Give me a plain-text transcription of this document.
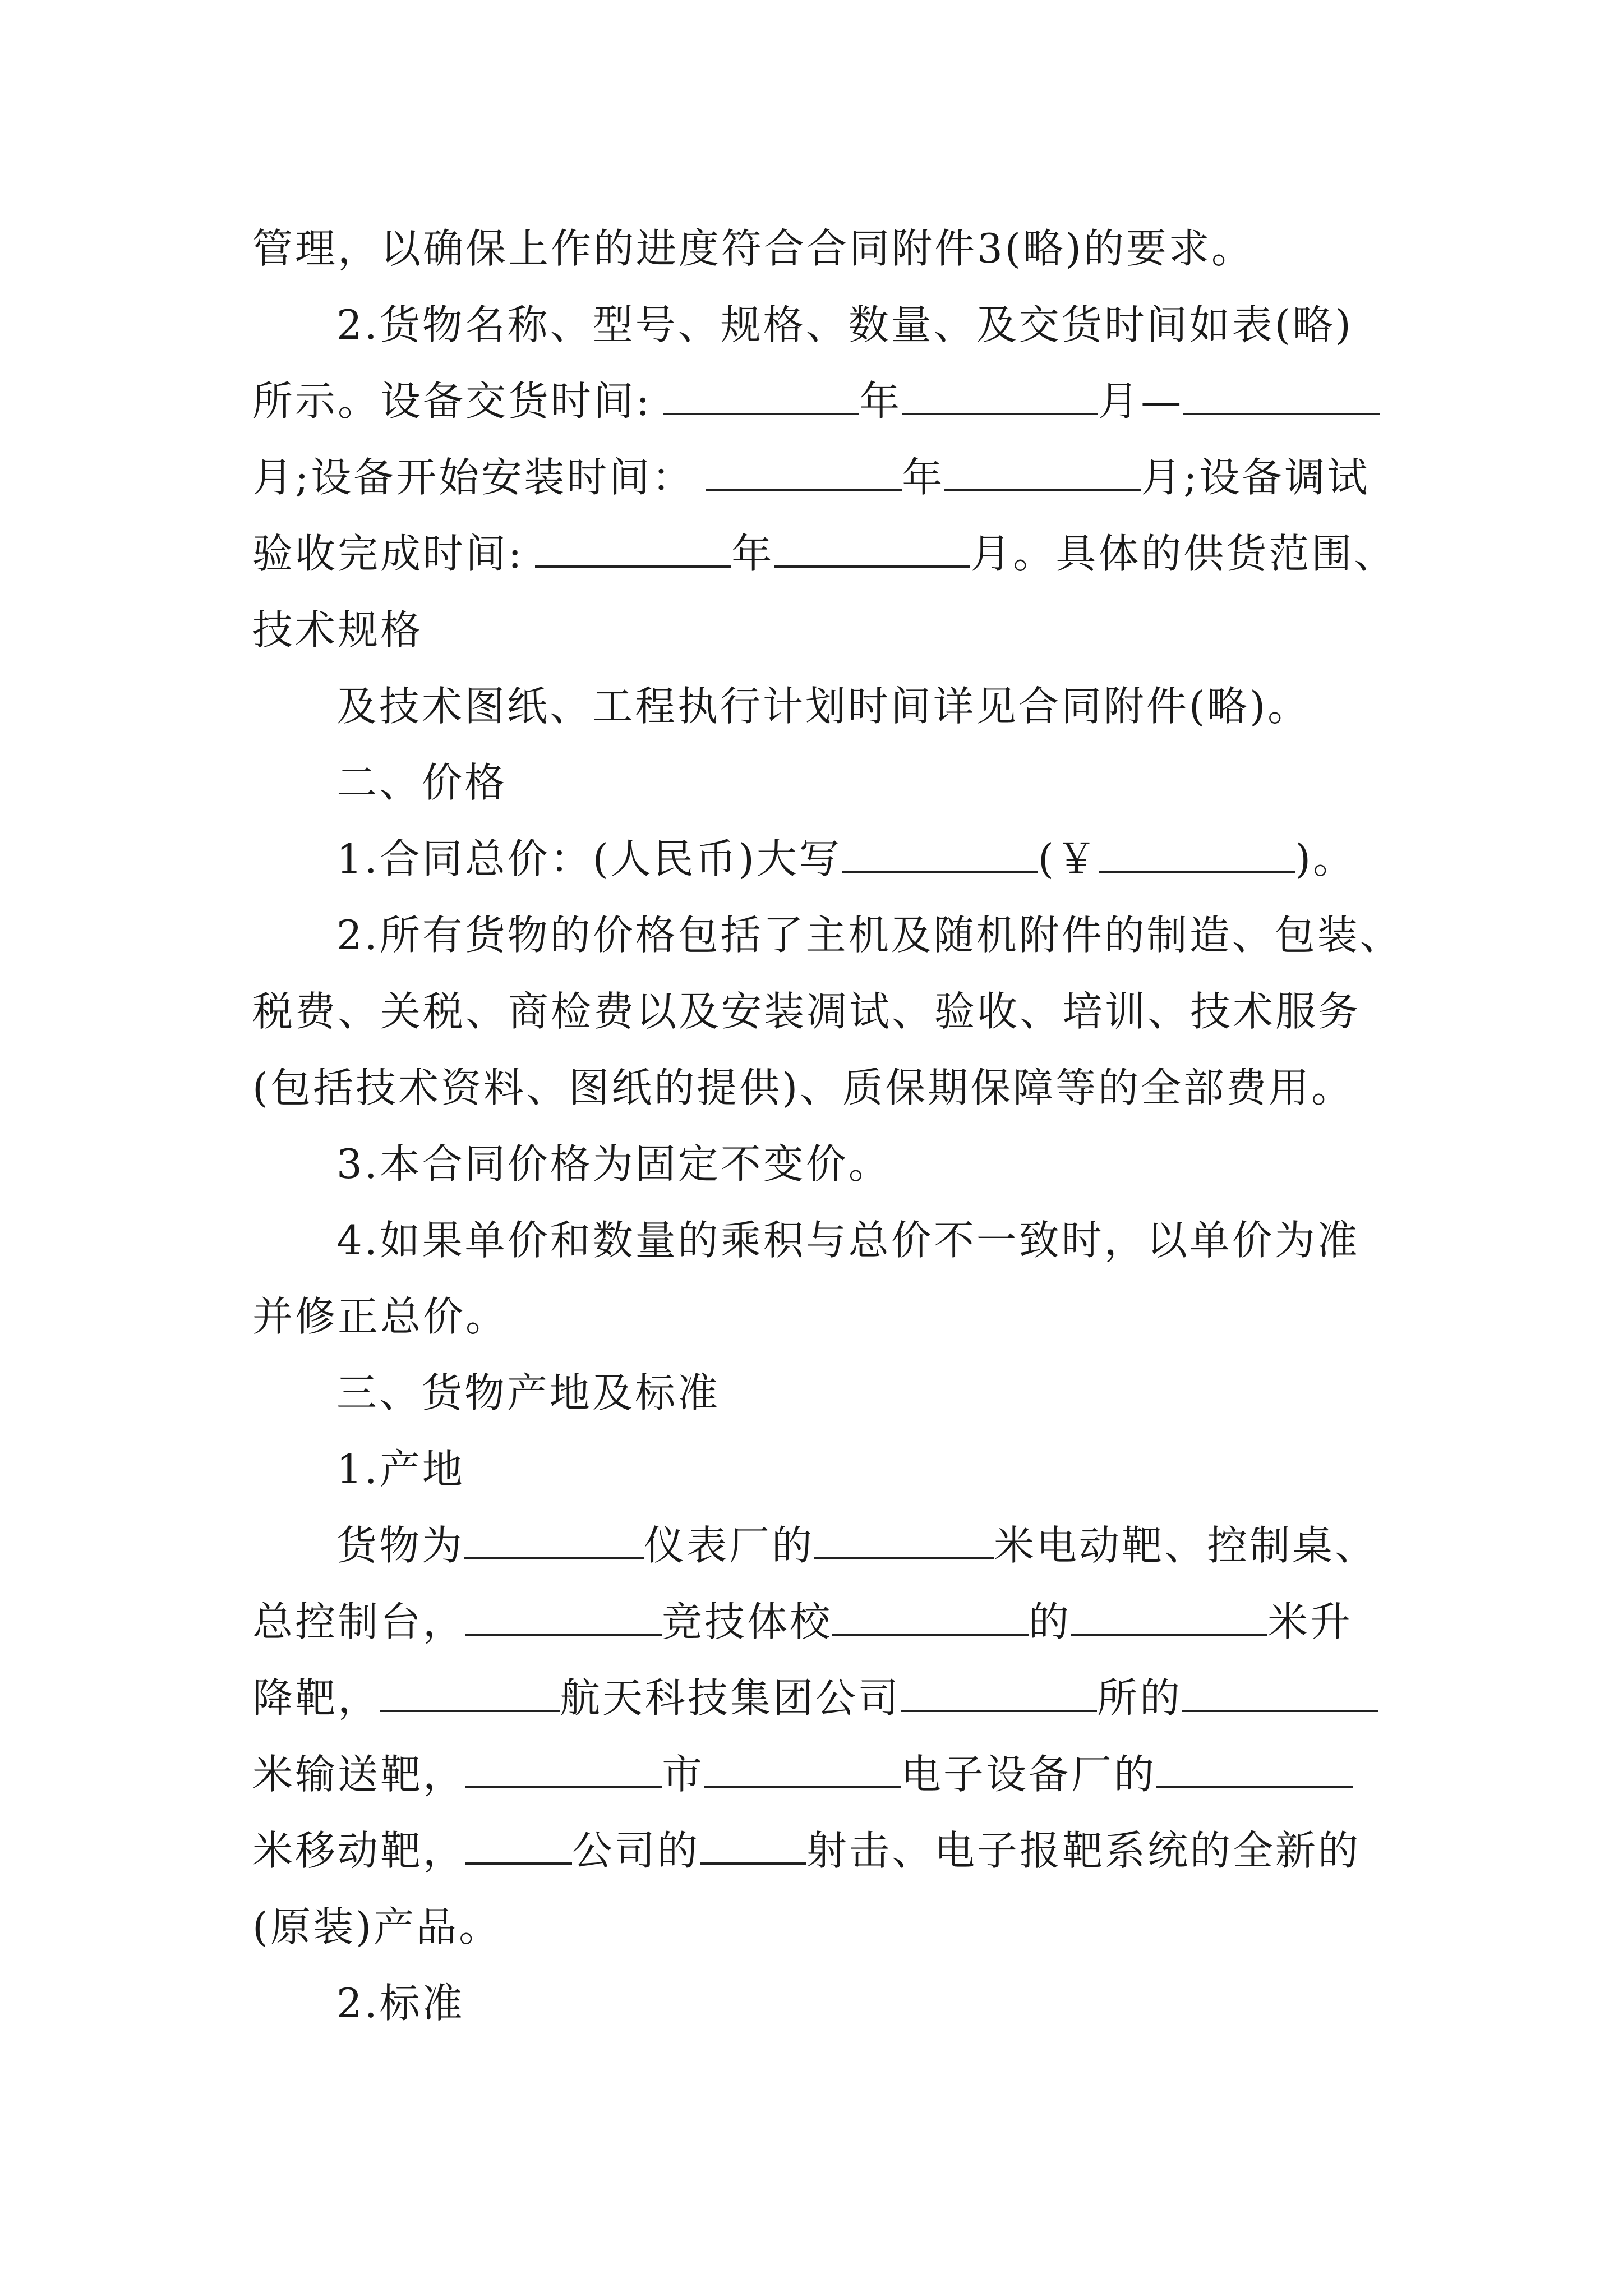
管理，以确保上作的进度符合合同附件3(略)的要求。
2.货物名称、型号、规格、数量、及交货时间如表(略)
所示。设备交货时间:	年	月—
月;设备开始安装时间：	年	月;设备调试
验收完成时间:	年	月。具体的供货范围、
技术规格
及技术图纸、工程执行计划时间详见合同附件(略)。
二、价格
1.合同总价：(人民币)大写	(￥	)。
2.所有货物的价格包括了主机及随机附件的制造、包装、
税费、关税、商检费以及安装凋试、验收、培训、技术服务
(包括技术资料、图纸的提供)、质保期保障等的全部费用。
3.本合同价格为固定不变价。
4.如果单价和数量的乘积与总价不一致时，以单价为准
并修正总价。
三、货物产地及标准
1.产地
货物为	仪表厂的	米电动靶、控制桌、
总控制台，	竞技体校	的	米升
降靶，	航天科技集团公司	所的
米输送靶，	市	电子设备厂的
米移动靶，	公司的	射击、电子报靶系统的全新的
(原装)产品。
2.标准
